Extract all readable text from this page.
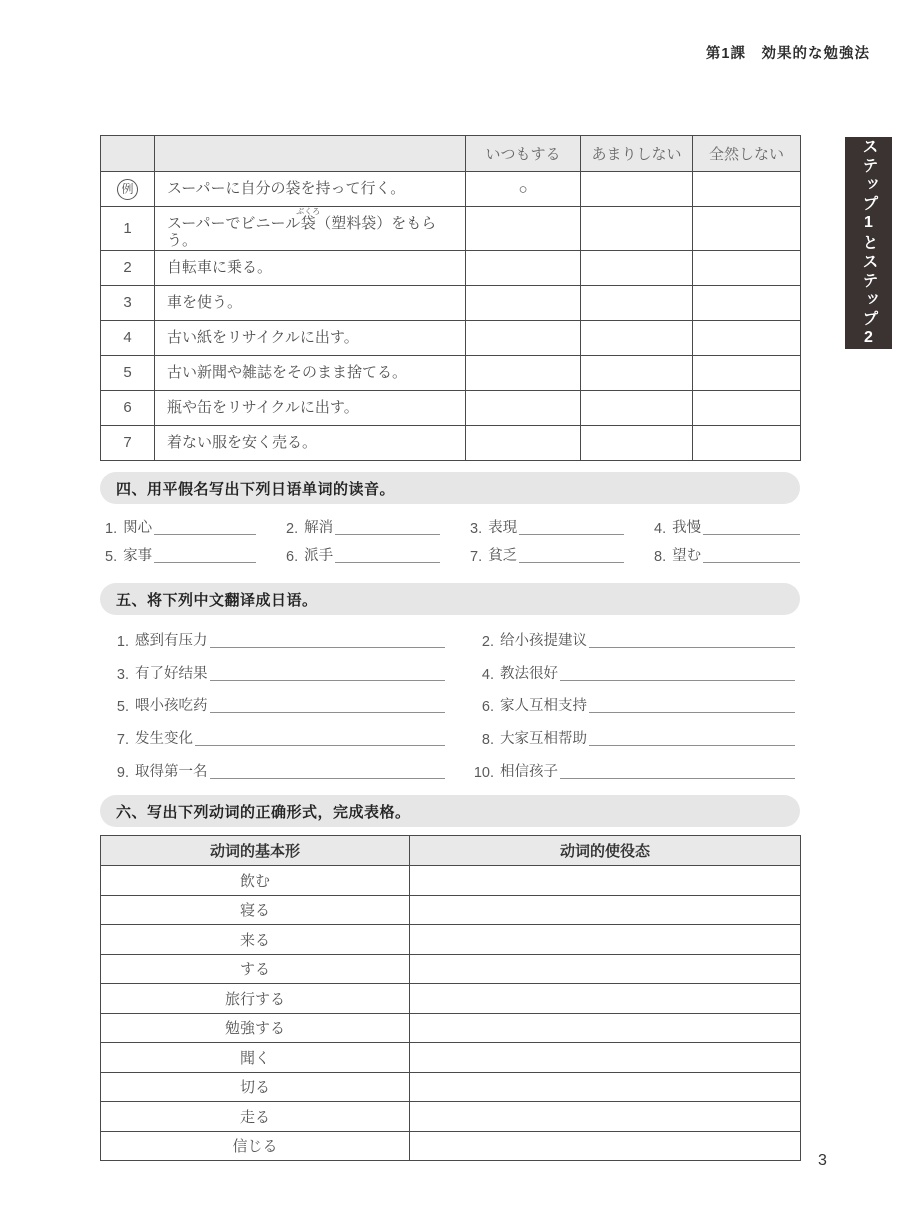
第1課　効果的な勉強法
ステップ1とステップ2
		いつもする	あまりしない	全然しない
例	スーパーに自分の袋を持って行く。	○		
1	スーパーでビニール袋ぶくろ（塑料袋）をもらう。			
2	自転車に乗る。			
3	車を使う。			
4	古い紙をリサイクルに出す。			
5	古い新聞や雑誌をそのまま捨てる。			
6	瓶や缶をリサイクルに出す。			
7	着ない服を安く売る。			
四、用平假名写出下列日语单词的读音。
1. 関心	2. 解消	3. 表現	4. 我慢
5. 家事	6. 派手	7. 貧乏	8. 望む
五、将下列中文翻译成日语。
1. 感到有压力	2. 给小孩提建议
3. 有了好结果	4. 教法很好
5. 喂小孩吃药	6. 家人互相支持
7. 发生变化	8. 大家互相帮助
9. 取得第一名	10. 相信孩子
六、写出下列动词的正确形式，完成表格。
动词的基本形	动词的使役态
飲む	
寝る	
来る	
する	
旅行する	
勉強する	
聞く	
切る	
走る	
信じる	
3
